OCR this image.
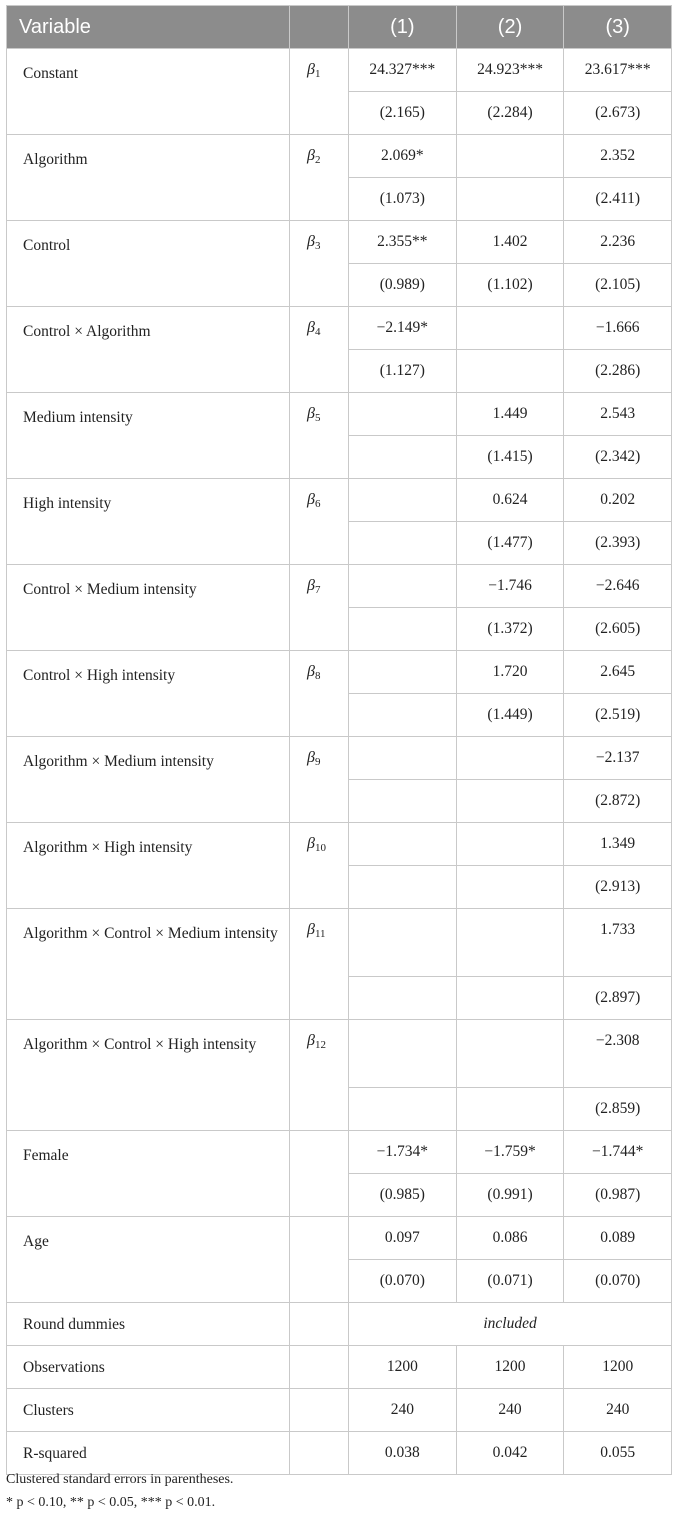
Variable		(1)	(2)	(3)
Constant	$\beta_1$	24.327***	24.923***	23.617***
		(2.165)	(2.284)	(2.673)
Algorithm	$\beta_2$	2.069*		2.352
		(1.073)		(2.411)
Control	$\beta_3$	2.355**	1.402	2.236
		(0.989)	(1.102)	(2.105)
Control × Algorithm	$\beta_4$	−2.149*		−1.666
		(1.127)		(2.286)
Medium intensity	$\beta_5$		1.449	2.543
			(1.415)	(2.342)
High intensity	$\beta_6$		0.624	0.202
			(1.477)	(2.393)
Control × Medium intensity	$\beta_7$		−1.746	−2.646
			(1.372)	(2.605)
Control × High intensity	$\beta_8$		1.720	2.645
			(1.449)	(2.519)
Algorithm × Medium intensity	$\beta_9$			−2.137
				(2.872)
Algorithm × High intensity	$\beta_{10}$			1.349
				(2.913)
Algorithm × Control × Medium intensity	$\beta_{11}$			1.733
				(2.897)
Algorithm × Control × High intensity	$\beta_{12}$			−2.308
				(2.859)
Female		−1.734*	−1.759*	−1.744*
		(0.985)	(0.991)	(0.987)
Age		0.097	0.086	0.089
		(0.070)	(0.071)	(0.070)
Round dummies		included		
Observations		1200	1200	1200
Clusters		240	240	240
R-squared		0.038	0.042	0.055
Clustered standard errors in parentheses.
* p < 0.10, ** p < 0.05, *** p < 0.01.
